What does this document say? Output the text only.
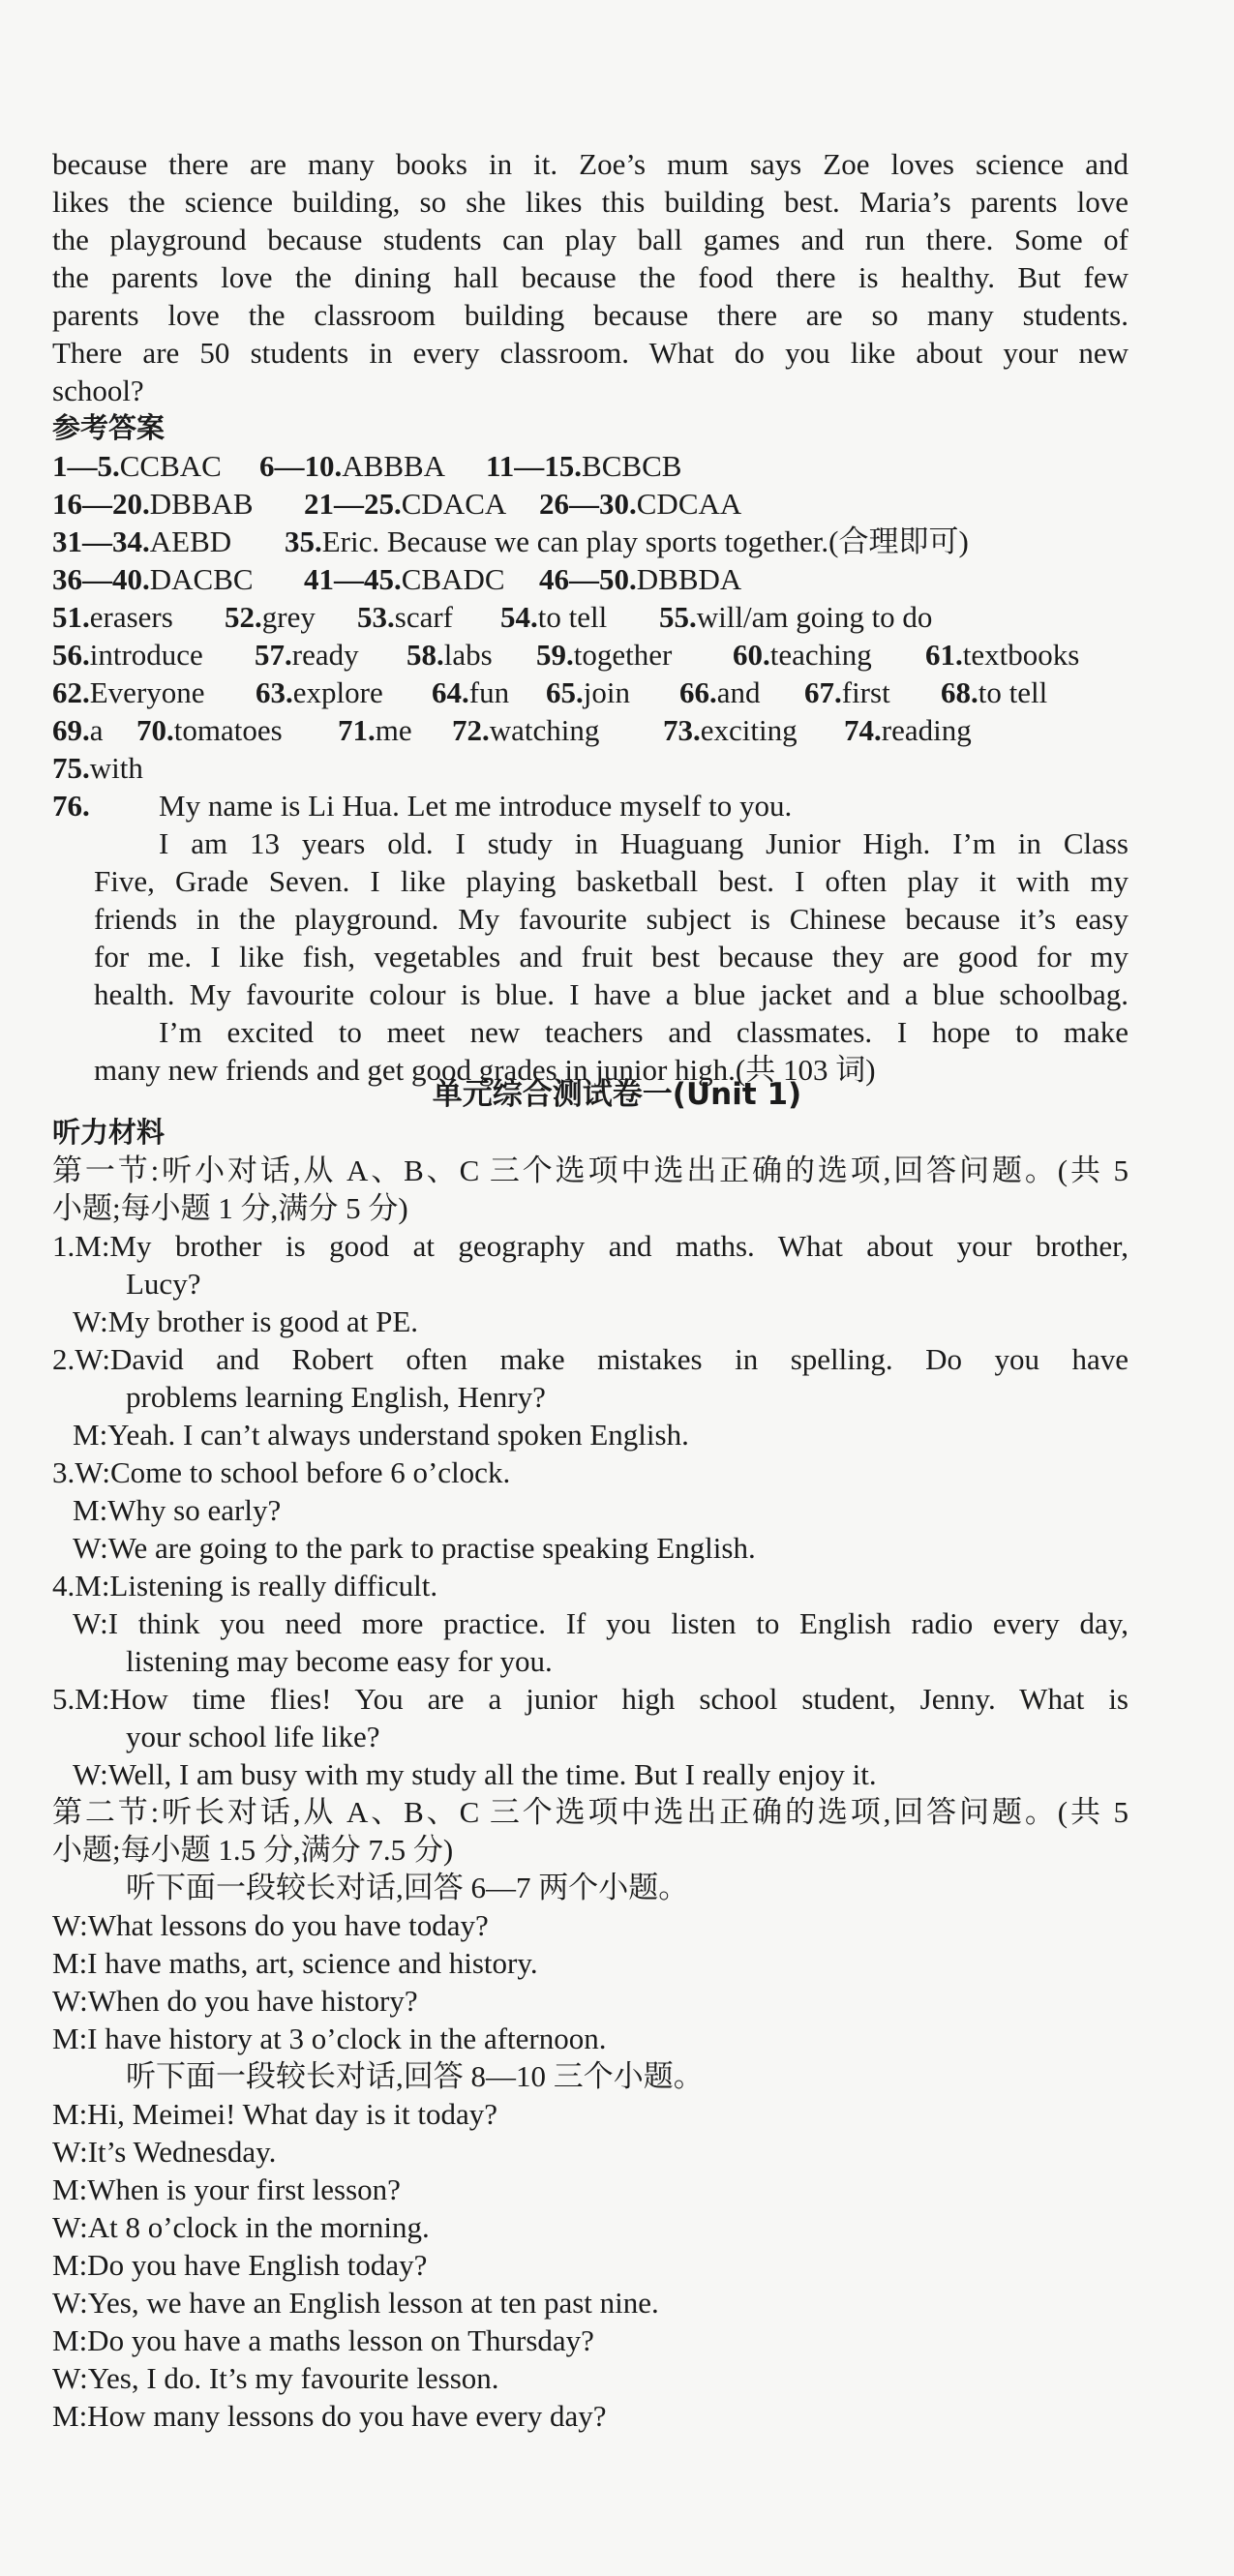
because there are many books in it. Zoe’s mum says Zoe loves science and
likes the science building, so she likes this building best. Maria’s parents love
the playground because students can play ball games and run there. Some of
the parents love the dining hall because the food there is healthy. But few
parents love the classroom building because there are so many students.
There are 50 students in every classroom. What do you like about your new
school?
参考答案
1—5.CCBAC 6—10.ABBBA 11—15.BCBCB
16—20.DBBAB 21—25.CDACA 26—30.CDCAA
31—34.AEBD 35.Eric. Because we can play sports together.(合理即可)
36—40.DACBC 41—45.CBADC 46—50.DBBDA
51.erasers 52.grey 53.scarf 54.to tell 55.will/am going to do
56.introduce 57.ready 58.labs 59.together 60.teaching 61.textbooks
62.Everyone 63.explore 64.fun 65.join 66.and 67.first 68.to tell
69.a 70.tomatoes 71.me 72.watching 73.exciting 74.reading
75.with
76. My name is Li Hua. Let me introduce myself to you.
I am 13 years old. I study in Huaguang Junior High. I’m in Class
Five, Grade Seven. I like playing basketball best. I often play it with my
friends in the playground. My favourite subject is Chinese because it’s easy
for me. I like fish, vegetables and fruit best because they are good for my
health. My favourite colour is blue. I have a blue jacket and a blue schoolbag.
I’m excited to meet new teachers and classmates. I hope to make
many new friends and get good grades in junior high.(共 103 词)
单元综合测试卷一(Unit 1)
听力材料
第一节:听小对话,从 A、B、C 三个选项中选出正确的选项,回答问题。(共 5
小题;每小题 1 分,满分 5 分)
1.M:My brother is good at geography and maths. What about your brother,
Lucy?
W:My brother is good at PE.
2.W:David and Robert often make mistakes in spelling. Do you have
problems learning English, Henry?
M:Yeah. I can’t always understand spoken English.
3.W:Come to school before 6 o’clock.
M:Why so early?
W:We are going to the park to practise speaking English.
4.M:Listening is really difficult.
W:I think you need more practice. If you listen to English radio every day,
listening may become easy for you.
5.M:How time flies! You are a junior high school student, Jenny. What is
your school life like?
W:Well, I am busy with my study all the time. But I really enjoy it.
第二节:听长对话,从 A、B、C 三个选项中选出正确的选项,回答问题。(共 5
小题;每小题 1.5 分,满分 7.5 分)
听下面一段较长对话,回答 6—7 两个小题。
W:What lessons do you have today?
M:I have maths, art, science and history.
W:When do you have history?
M:I have history at 3 o’clock in the afternoon.
听下面一段较长对话,回答 8—10 三个小题。
M:Hi, Meimei! What day is it today?
W:It’s Wednesday.
M:When is your first lesson?
W:At 8 o’clock in the morning.
M:Do you have English today?
W:Yes, we have an English lesson at ten past nine.
M:Do you have a maths lesson on Thursday?
W:Yes, I do. It’s my favourite lesson.
M:How many lessons do you have every day?
